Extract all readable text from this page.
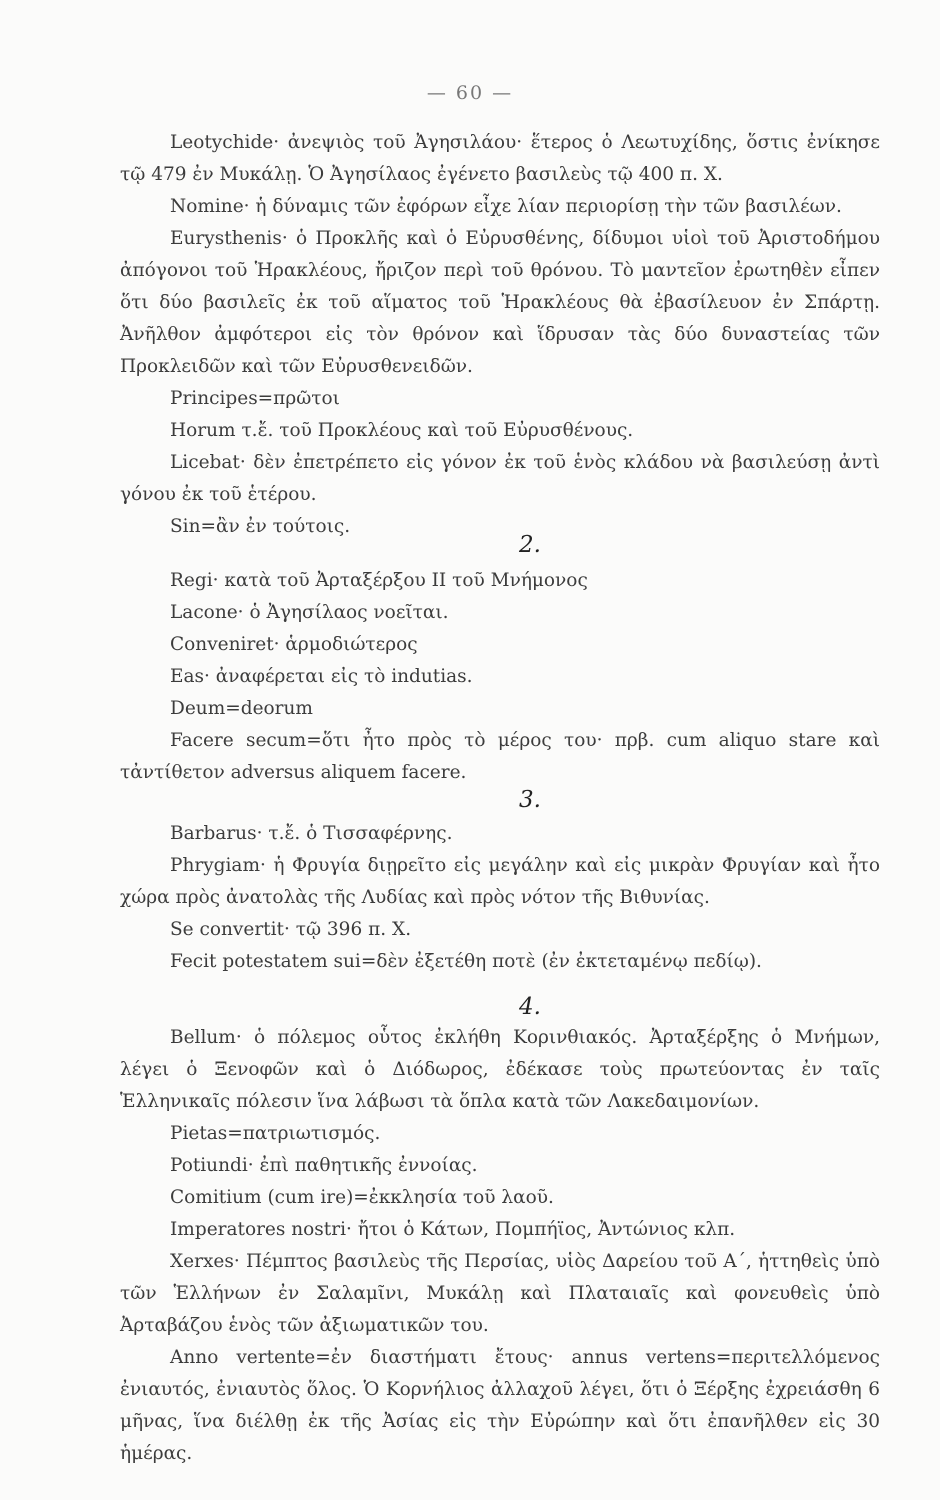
— 60 —

Leotychide· ἀνεψιὸς τοῦ Ἀγησιλάου· ἕτερος ὁ Λεωτυχίδης, ὅστις ἐνίκησε τῷ 479 ἐν Μυκάλῃ. Ὁ Ἀγησίλαος ἐγένετο βασιλεὺς τῷ 400 π. Χ.

Nomine· ἡ δύναμις τῶν ἐφόρων εἶχε λίαν περιορίσῃ τὴν τῶν βασιλέων.

Eurysthenis· ὁ Προκλῆς καὶ ὁ Εὐρυσθένης, δίδυμοι υἱοὶ τοῦ Ἀριστοδήμου ἀπόγονοι τοῦ Ἡρακλέους, ἤριζον περὶ τοῦ θρόνου. Τὸ μαντεῖον ἐρωτηθὲν εἶπεν ὅτι δύο βασιλεῖς ἐκ τοῦ αἵματος τοῦ Ἡρακλέους θὰ ἐβασίλευον ἐν Σπάρτῃ. Ἀνῆλθον ἀμφότεροι εἰς τὸν θρόνον καὶ ἵδρυσαν τὰς δύο δυναστείας τῶν Προκλειδῶν καὶ τῶν Εὐρυσθενειδῶν.

Principes=πρῶτοι

Horum τ.ἔ. τοῦ Προκλέους καὶ τοῦ Εὐρυσθένους.

Licebat· δὲν ἐπετρέπετο εἰς γόνον ἐκ τοῦ ἑνὸς κλάδου νὰ βασιλεύσῃ ἀντὶ γόνου ἐκ τοῦ ἑτέρου.

Sin=ἂν ἐν τούτοις.

2.

Regi· κατὰ τοῦ Ἀρταξέρξου II τοῦ Μνήμονος

Lacone· ὁ Ἀγησίλαος νοεῖται.

Conveniret· ἁρμοδιώτερος

Eas· ἀναφέρεται εἰς τὸ indutias.

Deum=deorum

Facere secum=ὅτι ἦτο πρὸς τὸ μέρος του· πρβ. cum aliquo stare καὶ τἀντίθετον adversus aliquem facere.

3.

Barbarus· τ.ἔ. ὁ Τισσαφέρνης.

Phrygiam· ἡ Φρυγία διῃρεῖτο εἰς μεγάλην καὶ εἰς μικρὰν Φρυγίαν καὶ ἦτο χώρα πρὸς ἀνατολὰς τῆς Λυδίας καὶ πρὸς νότον τῆς Βιθυνίας.

Se convertit· τῷ 396 π. Χ.

Fecit potestatem sui=δὲν ἐξετέθη ποτὲ (ἐν ἐκτεταμένῳ πεδίῳ).

4.

Bellum· ὁ πόλεμος οὗτος ἐκλήθη Κορινθιακός. Ἀρταξέρξης ὁ Μνήμων, λέγει ὁ Ξενοφῶν καὶ ὁ Διόδωρος, ἐδέκασε τοὺς πρωτεύοντας ἐν ταῖς Ἑλληνικαῖς πόλεσιν ἵνα λάβωσι τὰ ὅπλα κατὰ τῶν Λακεδαιμονίων.

Pietas=πατριωτισμός.

Potiundi· ἐπὶ παθητικῆς ἐννοίας.

Comitium (cum ire)=ἐκκλησία τοῦ λαοῦ.

Imperatores nostri· ἤτοι ὁ Κάτων, Πομπήϊος, Ἀντώνιος κλπ.

Xerxes· Πέμπτος βασιλεὺς τῆς Περσίας, υἱὸς Δαρείου τοῦ Α΄, ἡττηθεὶς ὑπὸ τῶν Ἑλλήνων ἐν Σαλαμῖνι, Μυκάλῃ καὶ Πλαταιαῖς καὶ φονευθεὶς ὑπὸ Ἀρταβάζου ἑνὸς τῶν ἀξιωματικῶν του.

Anno vertente=ἐν διαστήματι ἔτους· annus vertens=περιτελλόμενος ἐνιαυτός, ἐνιαυτὸς ὅλος. Ὁ Κορνήλιος ἀλλαχοῦ λέγει, ὅτι ὁ Ξέρξης ἐχρειάσθη 6 μῆνας, ἵνα διέλθῃ ἐκ τῆς Ἀσίας εἰς τὴν Εὐρώπην καὶ ὅτι ἐπανῆλθεν εἰς 30 ἡμέρας.
